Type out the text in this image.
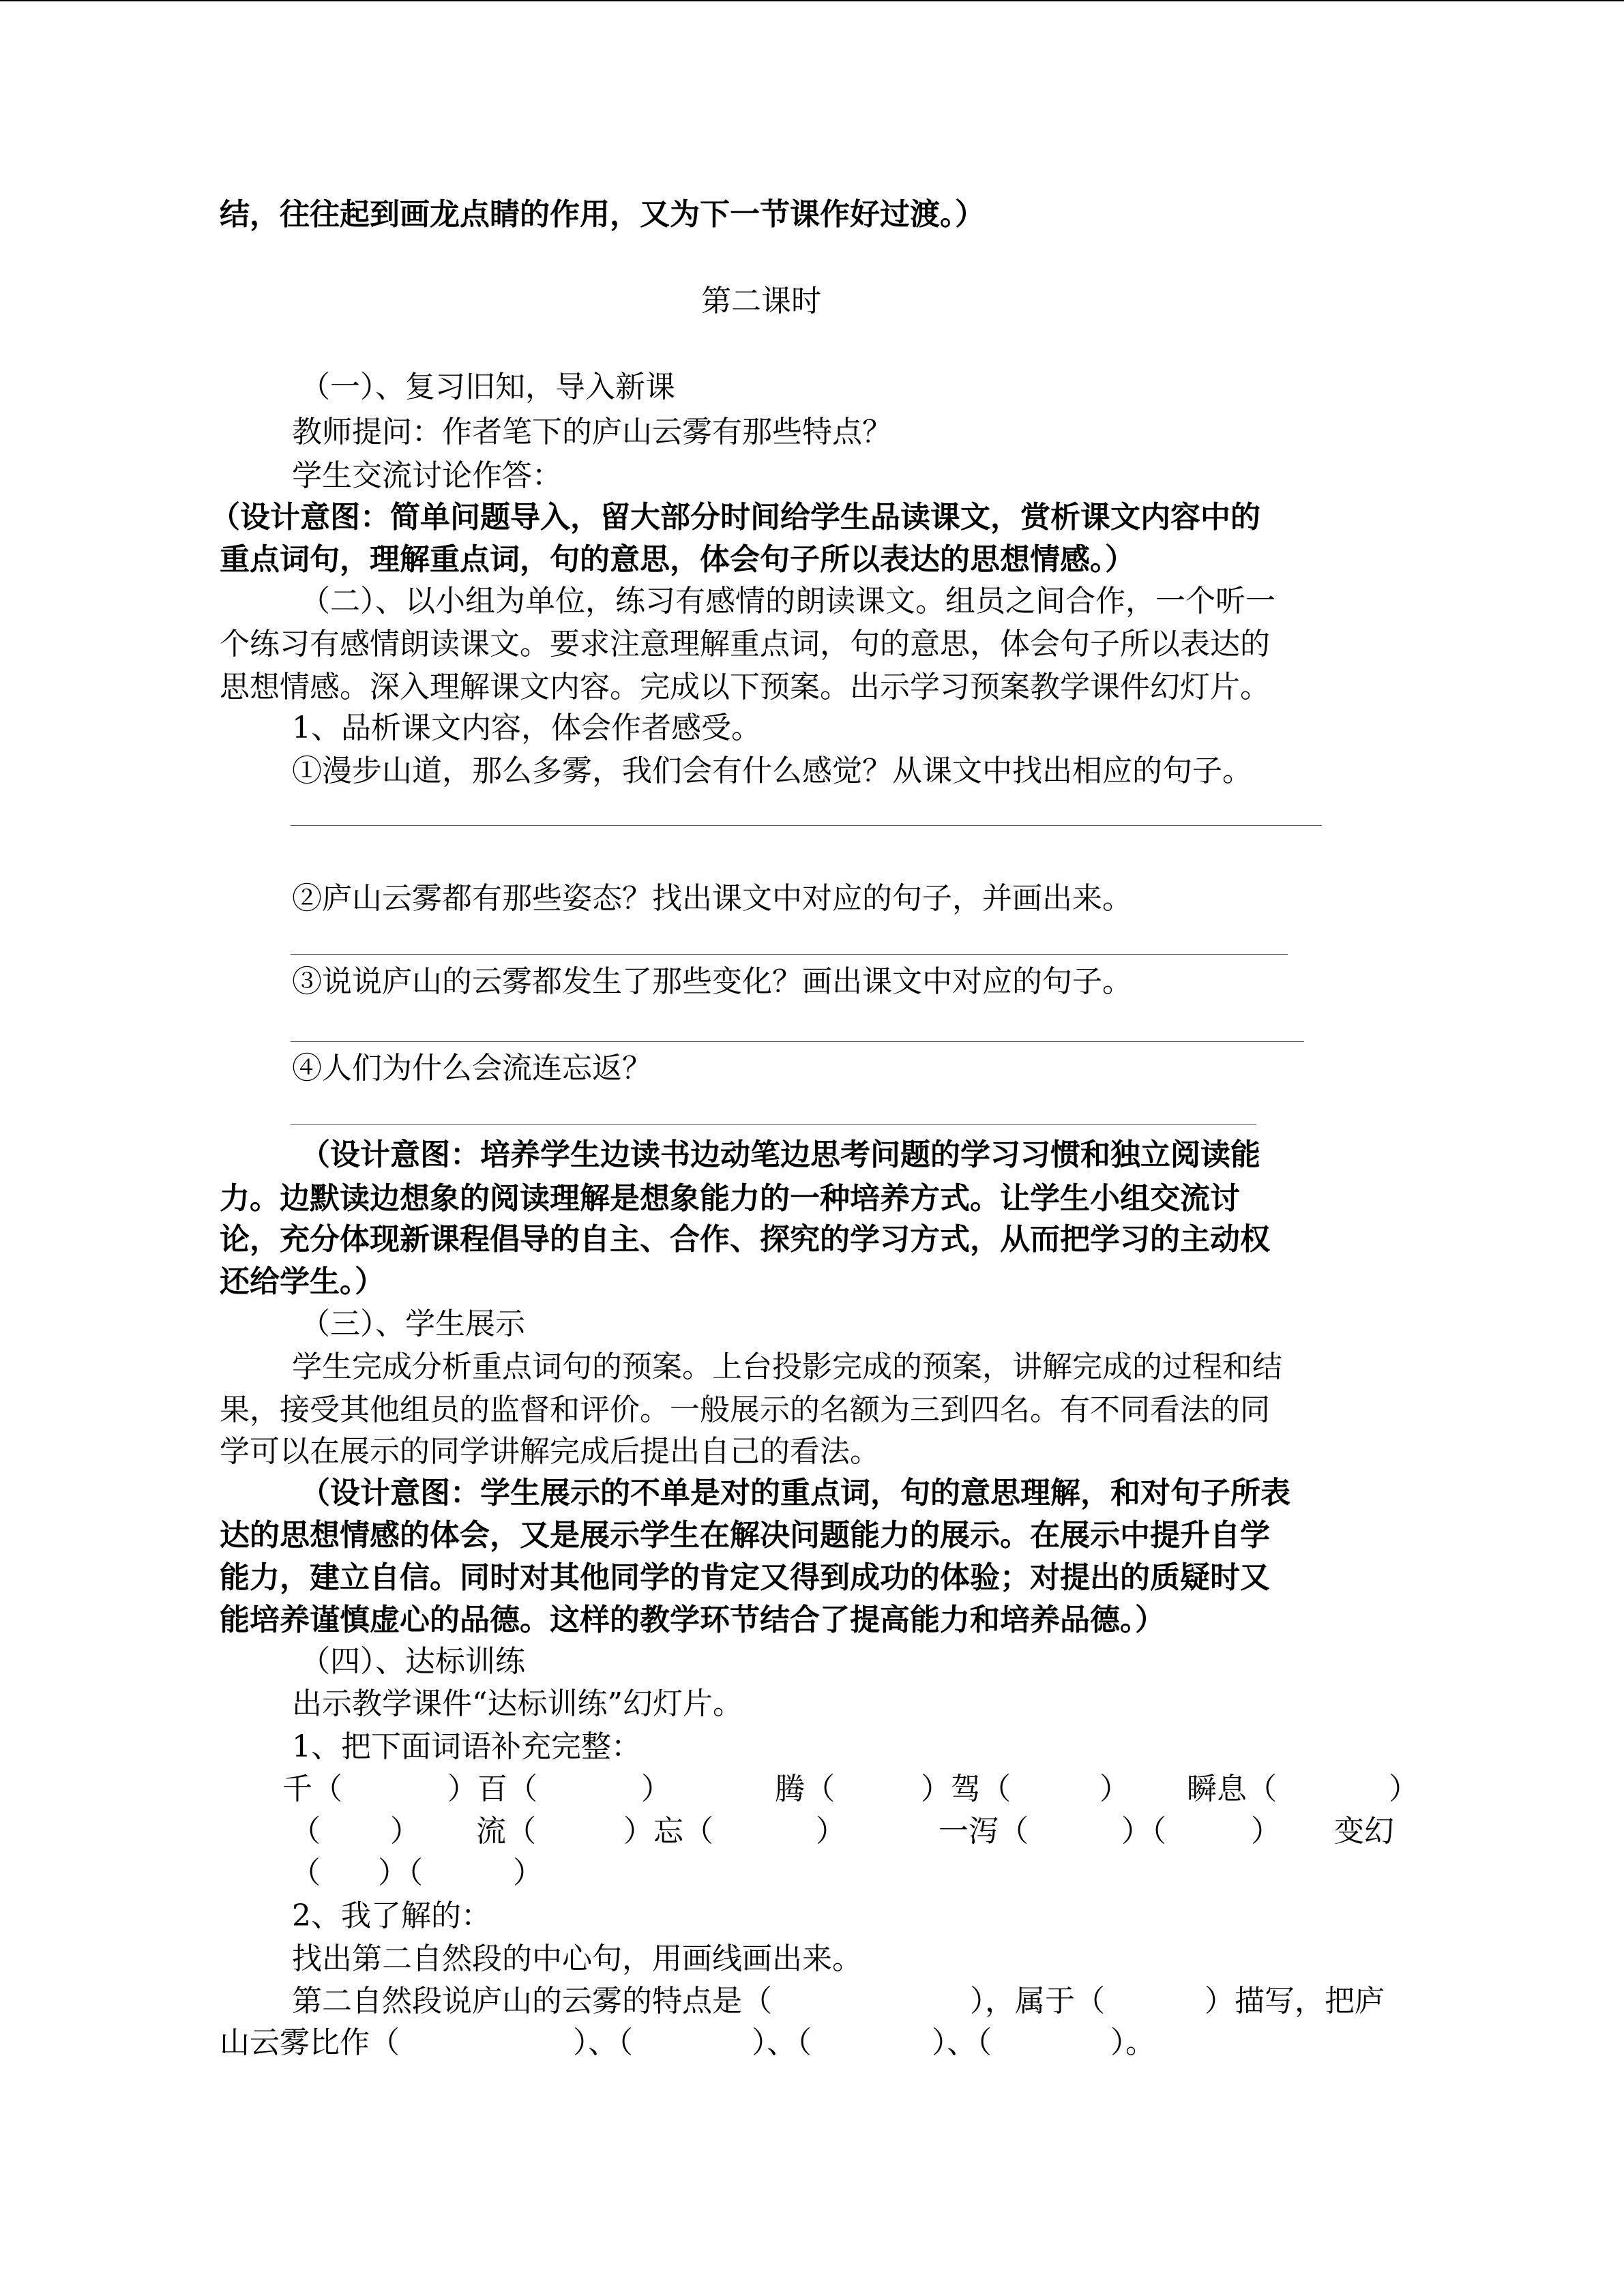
结，往往起到画龙点睛的作用，又为下一节课作好过渡。）
第二课时
（一）、复习旧知，导入新课
教师提问：作者笔下的庐山云雾有那些特点？
学生交流讨论作答：
（设计意图：简单问题导入，留大部分时间给学生品读课文，赏析课文内容中的
重点词句，理解重点词，句的意思，体会句子所以表达的思想情感。）
（二）、以小组为单位，练习有感情的朗读课文。组员之间合作，一个听一
个练习有感情朗读课文。要求注意理解重点词，句的意思，体会句子所以表达的
思想情感。深入理解课文内容。完成以下预案。出示学习预案教学课件幻灯片。
1、品析课文内容，体会作者感受。
①漫步山道，那么多雾，我们会有什么感觉？从课文中找出相应的句子。
②庐山云雾都有那些姿态？找出课文中对应的句子，并画出来。
③说说庐山的云雾都发生了那些变化？画出课文中对应的句子。
④人们为什么会流连忘返？
（设计意图：培养学生边读书边动笔边思考问题的学习习惯和独立阅读能
力。边默读边想象的阅读理解是想象能力的一种培养方式。让学生小组交流讨
论，充分体现新课程倡导的自主、合作、探究的学习方式，从而把学习的主动权
还给学生。）
（三）、学生展示
学生完成分析重点词句的预案。上台投影完成的预案，讲解完成的过程和结
果，接受其他组员的监督和评价。一般展示的名额为三到四名。有不同看法的同
学可以在展示的同学讲解完成后提出自己的看法。
（设计意图：学生展示的不单是对的重点词，句的意思理解，和对句子所表
达的思想情感的体会，又是展示学生在解决问题能力的展示。在展示中提升自学
能力，建立自信。同时对其他同学的肯定又得到成功的体验；对提出的质疑时又
能培养谨慎虚心的品德。这样的教学环节结合了提高能力和培养品德。）
（四）、达标训练
出示教学课件“达标训练”幻灯片。
1、把下面词语补充完整：
千（	）百（	）	腾（	）驾（	） 瞬息（	）
（ ） 流（	）忘（	）	一泻（	）（	） 变幻
（ ）（	）
2、我了解的：
找出第二自然段的中心句，用画线画出来。
第二自然段说庐山的云雾的特点是（	），属于（	）描写，把庐
山云雾比作（	）、（	）、（	）、（	）。
